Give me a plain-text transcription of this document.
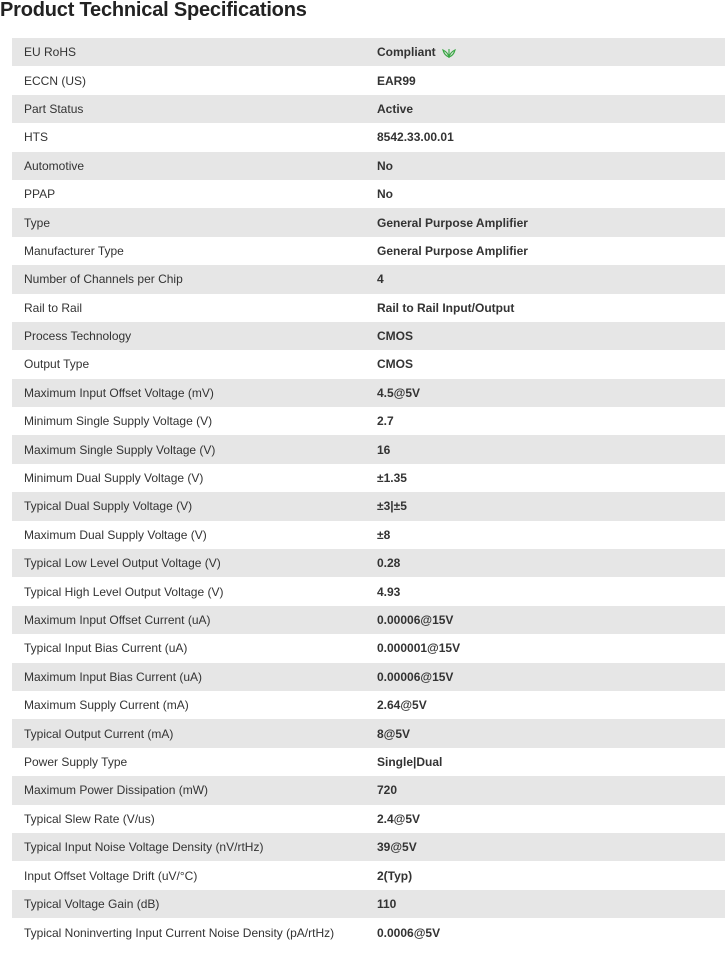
Product Technical Specifications
EU RoHS	Compliant
ECCN (US)	EAR99
Part Status	Active
HTS	8542.33.00.01
Automotive	No
PPAP	No
Type	General Purpose Amplifier
Manufacturer Type	General Purpose Amplifier
Number of Channels per Chip	4
Rail to Rail	Rail to Rail Input/Output
Process Technology	CMOS
Output Type	CMOS
Maximum Input Offset Voltage (mV)	4.5@5V
Minimum Single Supply Voltage (V)	2.7
Maximum Single Supply Voltage (V)	16
Minimum Dual Supply Voltage (V)	±1.35
Typical Dual Supply Voltage (V)	±3|±5
Maximum Dual Supply Voltage (V)	±8
Typical Low Level Output Voltage (V)	0.28
Typical High Level Output Voltage (V)	4.93
Maximum Input Offset Current (uA)	0.00006@15V
Typical Input Bias Current (uA)	0.000001@15V
Maximum Input Bias Current (uA)	0.00006@15V
Maximum Supply Current (mA)	2.64@5V
Typical Output Current (mA)	8@5V
Power Supply Type	Single|Dual
Maximum Power Dissipation (mW)	720
Typical Slew Rate (V/us)	2.4@5V
Typical Input Noise Voltage Density (nV/rtHz)	39@5V
Input Offset Voltage Drift (uV/°C)	2(Typ)
Typical Voltage Gain (dB)	110
Typical Noninverting Input Current Noise Density (pA/rtHz)	0.0006@5V
